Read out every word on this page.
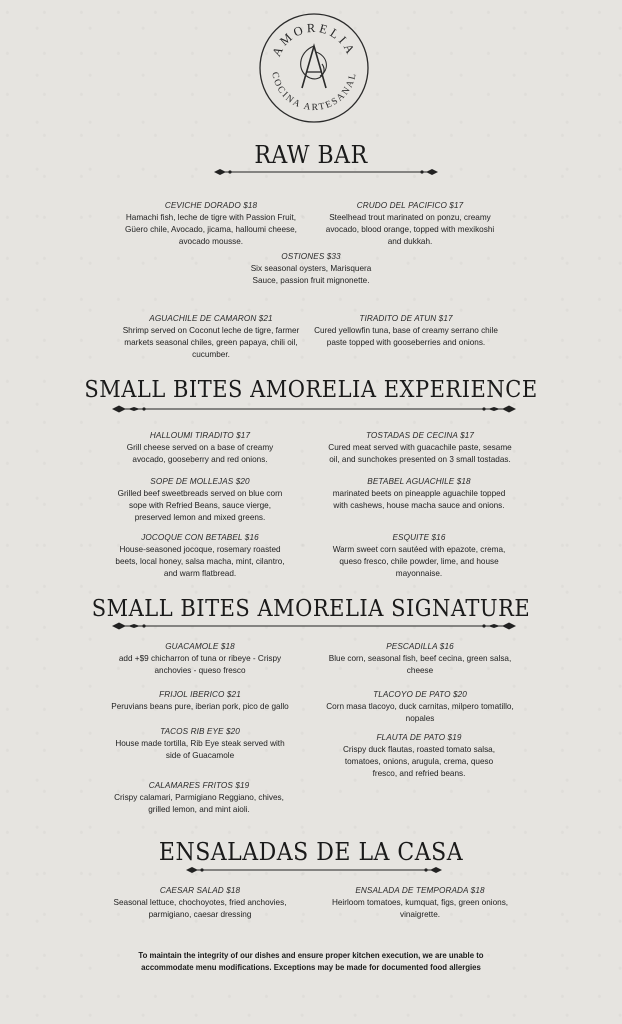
AMORELIA
COCINA ARTESANAL
RAW BAR
CEVICHE DORADO $18
Hamachi fish, leche de tigre with Passion Fruit, Güero chile, Avocado, jicama, halloumi cheese, avocado mousse.
CRUDO DEL PACIFICO $17
Steelhead trout marinated on ponzu, creamy avocado, blood orange, topped with mexikoshi and dukkah.
OSTIONES $33
Six seasonal oysters, Marisquera Sauce, passion fruit mignonette.
AGUACHILE DE CAMARON $21
Shrimp served on Coconut leche de tigre, farmer markets seasonal chiles, green papaya, chili oil, cucumber.
TIRADITO DE ATUN $17
Cured yellowfin tuna, base of creamy serrano chile paste topped with gooseberries and onions.
SMALL BITES AMORELIA EXPERIENCE
HALLOUMI TIRADITO $17
Grill cheese served on a base of creamy avocado, gooseberry and red onions.
TOSTADAS DE CECINA $17
Cured meat served with guacachile paste, sesame oil, and sunchokes presented on 3 small tostadas.
SOPE DE MOLLEJAS $20
Grilled beef sweetbreads served on blue corn sope with Refried Beans, sauce vierge, preserved lemon and mixed greens.
BETABEL AGUACHILE $18
marinated beets on pineapple aguachile topped with cashews, house macha sauce and onions.
JOCOQUE CON BETABEL $16
House-seasoned jocoque, rosemary roasted beets, local honey, salsa macha, mint, cilantro, and warm flatbread.
ESQUITE $16
Warm sweet corn sautéed with epazote, crema, queso fresco, chile powder, lime, and house mayonnaise.
SMALL BITES AMORELIA SIGNATURE
GUACAMOLE $18
add +$9 chicharron of tuna or ribeye - Crispy anchovies - queso fresco
PESCADILLA $16
Blue corn, seasonal fish, beef cecina, green salsa, cheese
FRIJOL IBERICO $21
Peruvians beans pure, iberian pork, pico de gallo
TLACOYO DE PATO $20
Corn masa tlacoyo, duck carnitas, milpero tomatillo, nopales
TACOS RIB EYE $20
House made tortilla, Rib Eye steak served with side of Guacamole
FLAUTA DE PATO $19
Crispy duck flautas, roasted tomato salsa, tomatoes, onions, arugula, crema, queso fresco, and refried beans.
CALAMARES FRITOS $19
Crispy calamari, Parmigiano Reggiano, chives, grilled lemon, and mint aioli.
ENSALADAS DE LA CASA
CAESAR SALAD $18
Seasonal lettuce, chochoyotes, fried anchovies, parmigiano, caesar dressing
ENSALADA DE TEMPORADA $18
Heirloom tomatoes, kumquat, figs, green onions, vinaigrette.
To maintain the integrity of our dishes and ensure proper kitchen execution, we are unable to accommodate menu modifications. Exceptions may be made for documented food allergies
